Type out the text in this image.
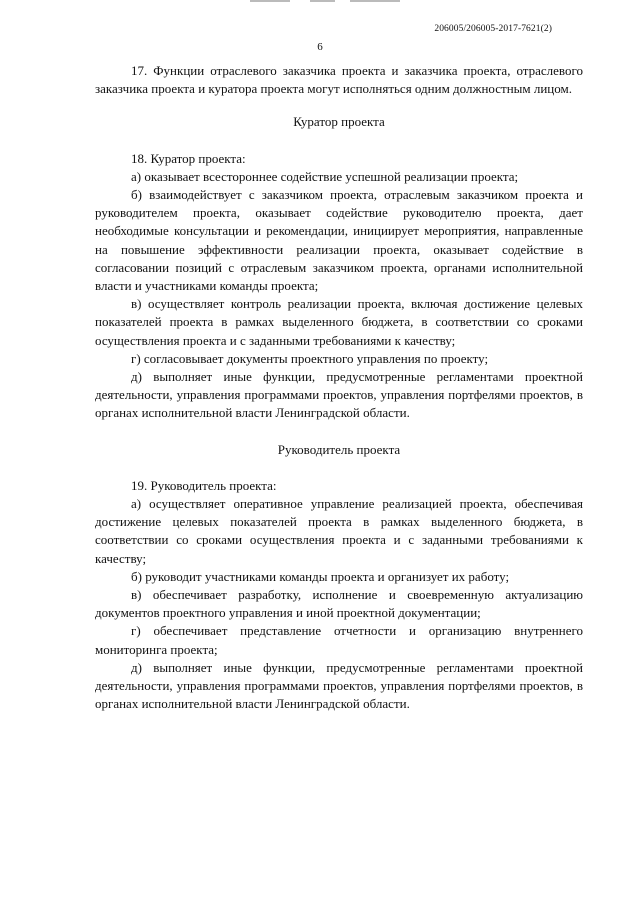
206005/206005-2017-7621(2)
6

17. Функции отраслевого заказчика проекта и заказчика проекта, отраслевого заказчика проекта и куратора проекта могут исполняться одним должностным лицом.

Куратор проекта

18. Куратор проекта:

а) оказывает всестороннее содействие успешной реализации проекта;

б) взаимодействует с заказчиком проекта, отраслевым заказчиком проекта и руководителем проекта, оказывает содействие руководителю проекта, дает необходимые консультации и рекомендации, инициирует мероприятия, направленные на повышение эффективности реализации проекта, оказывает содействие в согласовании позиций с отраслевым заказчиком проекта, органами исполнительной власти и участниками команды проекта;

в) осуществляет контроль реализации проекта, включая достижение целевых показателей проекта в рамках выделенного бюджета, в соответствии со сроками осуществления проекта и с заданными требованиями к качеству;

г) согласовывает документы проектного управления по проекту;

д) выполняет иные функции, предусмотренные регламентами проектной деятельности, управления программами проектов, управления портфелями проектов, в органах исполнительной власти Ленинградской области.

Руководитель проекта

19. Руководитель проекта:

а) осуществляет оперативное управление реализацией проекта, обеспечивая достижение целевых показателей проекта в рамках выделенного бюджета, в соответствии со сроками осуществления проекта и с заданными требованиями к качеству;

б) руководит участниками команды проекта и организует их работу;

в) обеспечивает разработку, исполнение и своевременную актуализацию документов проектного управления и иной проектной документации;

г) обеспечивает представление отчетности и организацию внутреннего мониторинга проекта;

д) выполняет иные функции, предусмотренные регламентами проектной деятельности, управления программами проектов, управления портфелями проектов, в органах исполнительной власти Ленинградской области.
